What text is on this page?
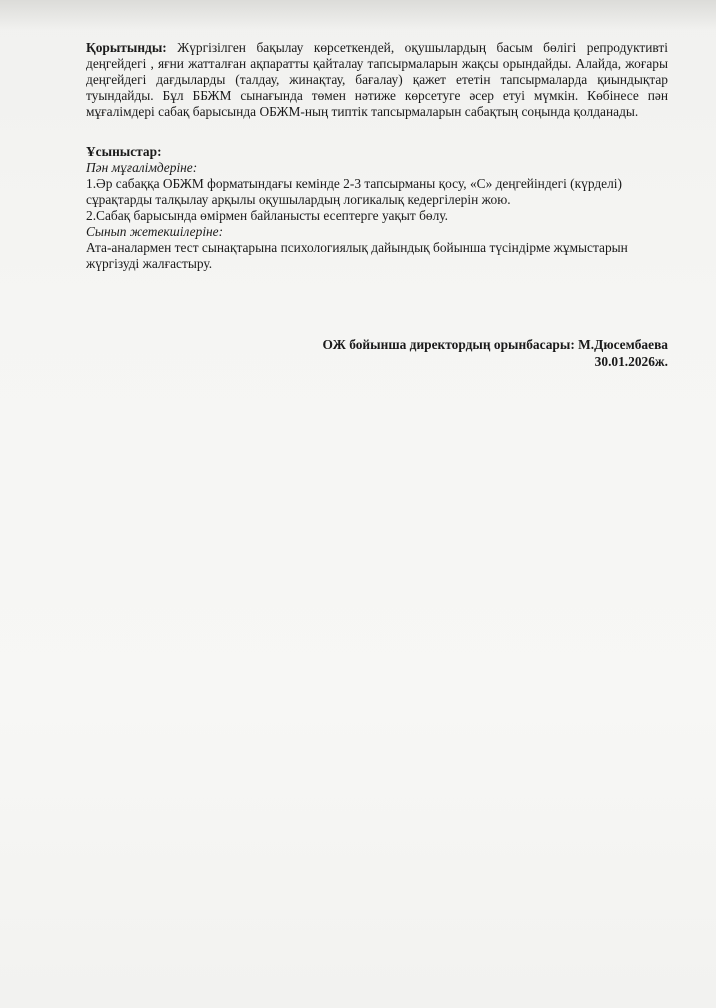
Қорытынды: Жүргізілген бақылау көрсеткендей, оқушылардың басым бөлігі репродуктивті деңгейдегі , яғни жатталған ақпаратты қайталау тапсырмаларын жақсы орындайды. Алайда, жоғары деңгейдегі дағдыларды (талдау, жинақтау, бағалау) қажет ететін тапсырмаларда қиындықтар туындайды. Бұл ББЖМ сынағында төмен нәтиже көрсетуге әсер етуі мүмкін. Көбінесе пән мұғалімдері сабақ барысында ОБЖМ-ның типтік тапсырмаларын сабақтың соңында қолданады.

Ұсыныстар:

Пән мұғалімдеріне:

1.Әр сабаққа ОБЖМ форматындағы кемінде 2-3 тапсырманы қосу, «С» деңгейіндегі (күрделі) сұрақтарды талқылау арқылы оқушылардың логикалық кедергілерін жою.

2.Сабақ барысында өмірмен байланысты есептерге уақыт бөлу.

Сынып жетекшілеріне:

Ата-аналармен тест сынақтарына психологиялық дайындық бойынша түсіндірме жұмыстарын жүргізуді жалғастыру.

ОЖ бойынша директордың орынбасары: М.Дюсембаева
30.01.2026ж.
